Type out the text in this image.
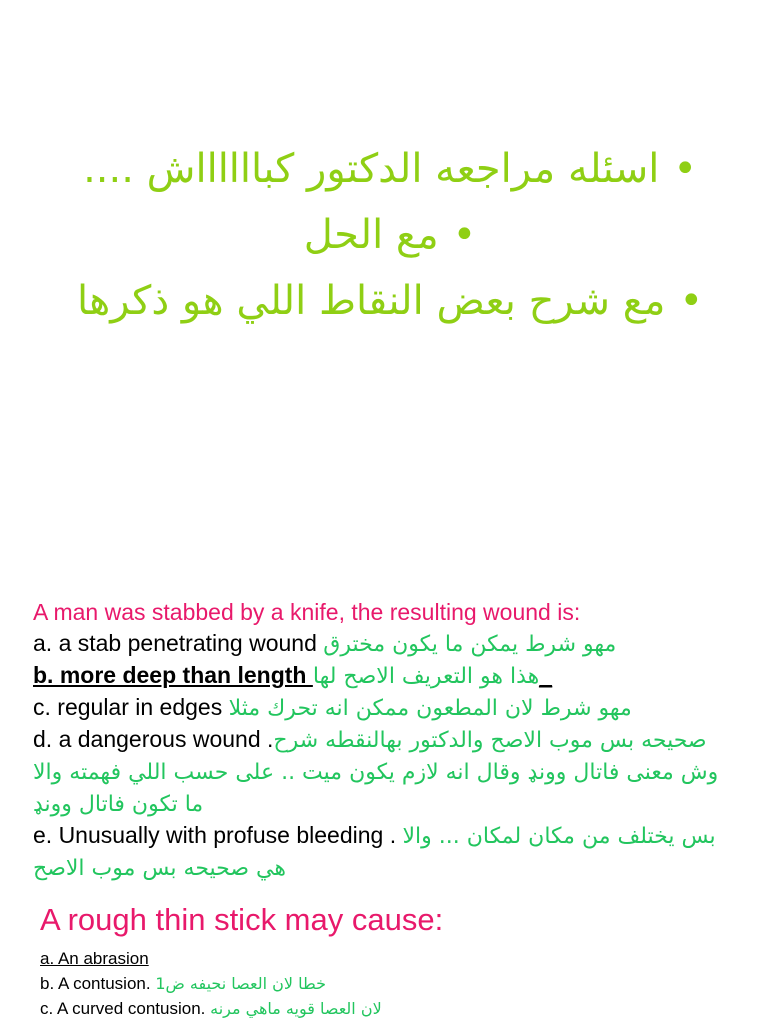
•اسئله مراجعه الدكتور كبااااااش ....
•مع الحل
•مع شرح بعض النقاط اللي هو ذكرها
A man was stabbed by a knife, the resulting wound is:
a. a stab penetrating wound مهو شرط يمكن ما يكون مخترق
b. more deep than length هذا هو التعريف الاصح لها_
c. regular in edges مهو شرط لان المطعون ممكن انه تحرك مثلا
d. a dangerous wound .صحيحه بس موب الاصح والدكتور بهالنقطه شرح وش معنى فاتال وونډ وقال انه لازم يكون ميت .. على حسب اللي فهمته والا ما تكون فاتال وونډ
e. Unusually with profuse bleeding . بس يختلف من مكان لمكان ... والا هي صحيحه بس موب الاصح
A rough thin stick may cause:
a. An abrasion
b. A contusion. خطا لان العصا نحيفه ض1
c. A curved contusion. لان العصا قويه ماهي مرنه
